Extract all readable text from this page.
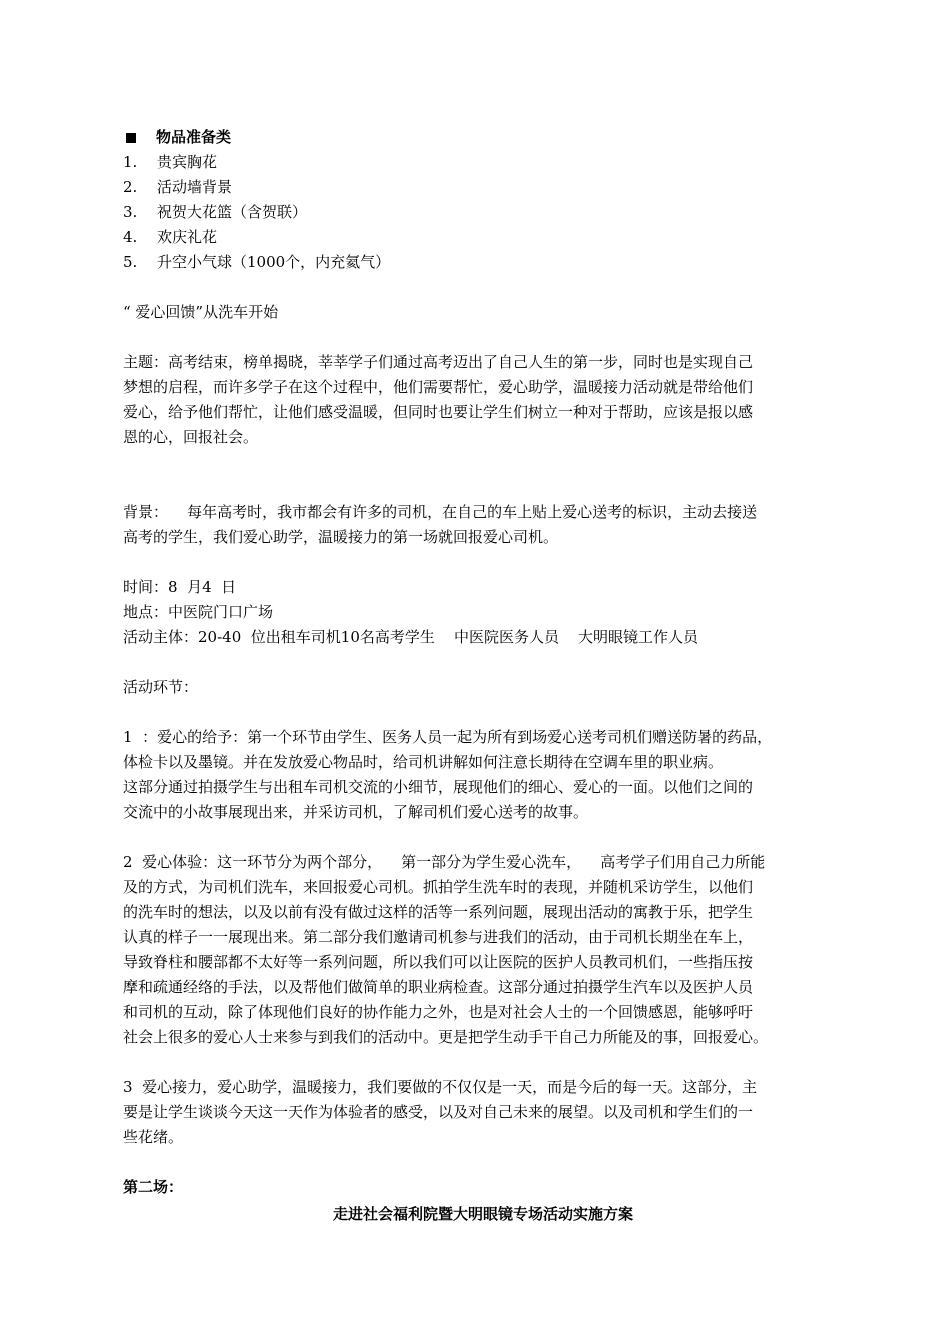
物品准备类
1. 贵宾胸花
2. 活动墙背景
3. 祝贺大花篮（含贺联）
4. 欢庆礼花
5. 升空小气球（1000个，内充氦气）
“ 爱心回馈”从洗车开始
主题：高考结束，榜单揭晓，莘莘学子们通过高考迈出了自己人生的第一步，同时也是实现自己
梦想的启程，而许多学子在这个过程中，他们需要帮忙，爱心助学，温暖接力活动就是带给他们
爱心，给予他们帮忙，让他们感受温暖，但同时也要让学生们树立一种对于帮助，应该是报以感
恩的心，回报社会。
背景：    每年高考时，我市都会有许多的司机，在自己的车上贴上爱心送考的标识，主动去接送
高考的学生，我们爱心助学，温暖接力的第一场就回报爱心司机。
时间：8  月4  日
地点：中医院门口广场
活动主体：20-40  位出租车司机10名高考学生    中医院医务人员    大明眼镜工作人员
活动环节：
1  ：爱心的给予：第一个环节由学生、医务人员一起为所有到场爱心送考司机们赠送防暑的药品，
体检卡以及墨镜。并在发放爱心物品时，给司机讲解如何注意长期待在空调车里的职业病。
这部分通过拍摄学生与出租车司机交流的小细节，展现他们的细心、爱心的一面。以他们之间的
交流中的小故事展现出来，并采访司机，了解司机们爱心送考的故事。
2  爱心体验：这一环节分为两个部分，    第一部分为学生爱心洗车，    高考学子们用自己力所能
及的方式，为司机们洗车，来回报爱心司机。抓拍学生洗车时的表现，并随机采访学生，以他们
的洗车时的想法，以及以前有没有做过这样的活等一系列问题，展现出活动的寓教于乐，把学生
认真的样子一一展现出来。第二部分我们邀请司机参与进我们的活动，由于司机长期坐在车上，
导致脊柱和腰部都不太好等一系列问题，所以我们可以让医院的医护人员教司机们，一些指压按
摩和疏通经络的手法，以及帮他们做简单的职业病检查。这部分通过拍摄学生汽车以及医护人员
和司机的互动，除了体现他们良好的协作能力之外，也是对社会人士的一个回馈感恩，能够呼吁
社会上很多的爱心人士来参与到我们的活动中。更是把学生动手干自己力所能及的事，回报爱心。
3  爱心接力，爱心助学，温暖接力，我们要做的不仅仅是一天，而是今后的每一天。这部分，主
要是让学生谈谈今天这一天作为体验者的感受，以及对自己未来的展望。以及司机和学生们的一
些花绪。
第二场：
走进社会福利院暨大明眼镜专场活动实施方案
